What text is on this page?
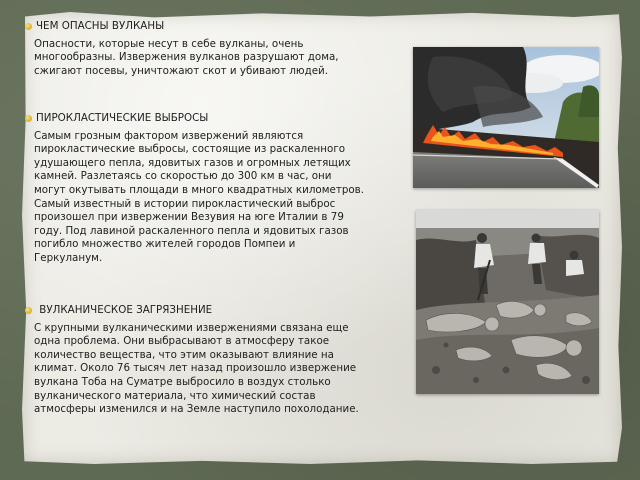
ЧЕМ ОПАСНЫ ВУЛКАНЫ

Опасности, которые несут в себе вулканы, очень многообразны. Извержения вулканов разрушают дома, сжигают посевы, уничтожают скот и убивают людей.

ПИРОКЛАСТИЧЕСКИЕ ВЫБРОСЫ

Самым грозным фактором извержений являются пирокластические выбросы, состоящие из раскаленного удушающего пепла, ядовитых газов и огромных летящих камней. Разлетаясь со скоростью до 300 км в час, они могут окутывать площади в много квадратных километров. Самый известный в истории пирокластический выброс произошел при извержении Везувия на юге Италии в 79 году. Под лавиной раскаленного пепла и ядовитых газов погибло множество жителей городов Помпеи и Геркуланум.

ВУЛКАНИЧЕСКОЕ ЗАГРЯЗНЕНИЕ

С крупными вулканическими извержениями связана еще одна проблема. Они выбрасывают в атмосферу такое количество вещества, что этим оказывают влияние на климат. Около 76 тысяч лет назад произошло извержение вулкана Тоба на Суматре выбросило в воздух столько вулканического материала, что химический состав атмосферы изменился и на Земле наступило похолодание.
